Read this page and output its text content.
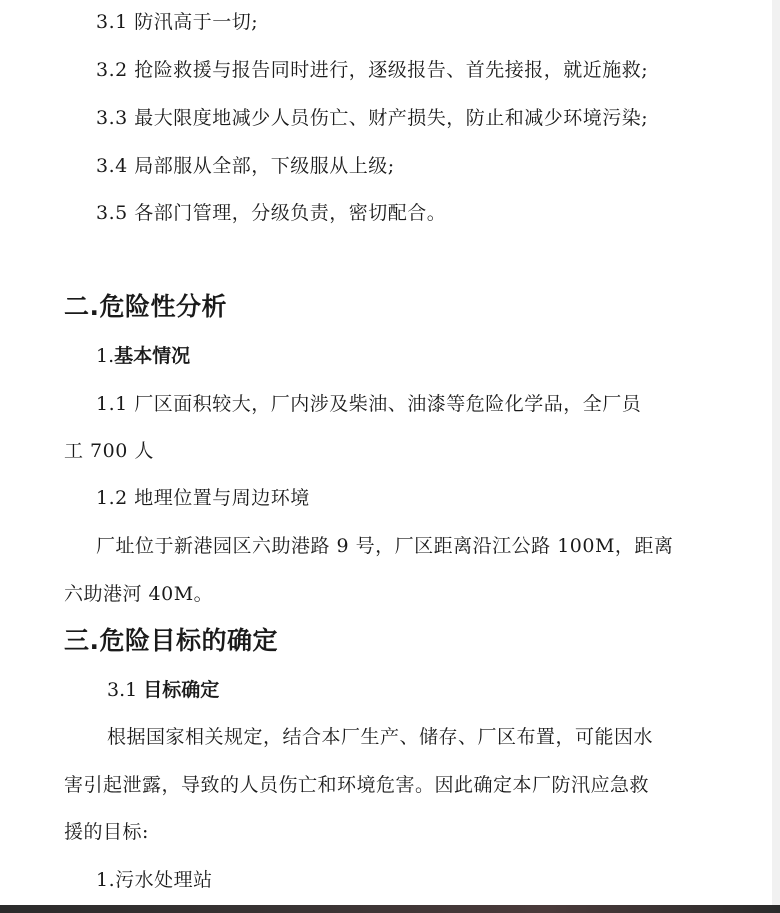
3.1 防汛高于一切;
3.2 抢险救援与报告同时进行，逐级报告、首先接报，就近施救;
3.3 最大限度地减少人员伤亡、财产损失，防止和减少环境污染;
3.4 局部服从全部，下级服从上级;
3.5 各部门管理，分级负责，密切配合。
二.危险性分析
1.基本情况
1.1 厂区面积较大，厂内涉及柴油、油漆等危险化学品，全厂员
工 700 人
1.2 地理位置与周边环境
厂址位于新港园区六助港路 9 号，厂区距离沿江公路 100M，距离
六助港河 40M。
三.危险目标的确定
3.1 目标确定
根据国家相关规定，结合本厂生产、储存、厂区布置，可能因水
害引起泄露，导致的人员伤亡和环境危害。因此确定本厂防汛应急救
援的目标:
1.污水处理站
